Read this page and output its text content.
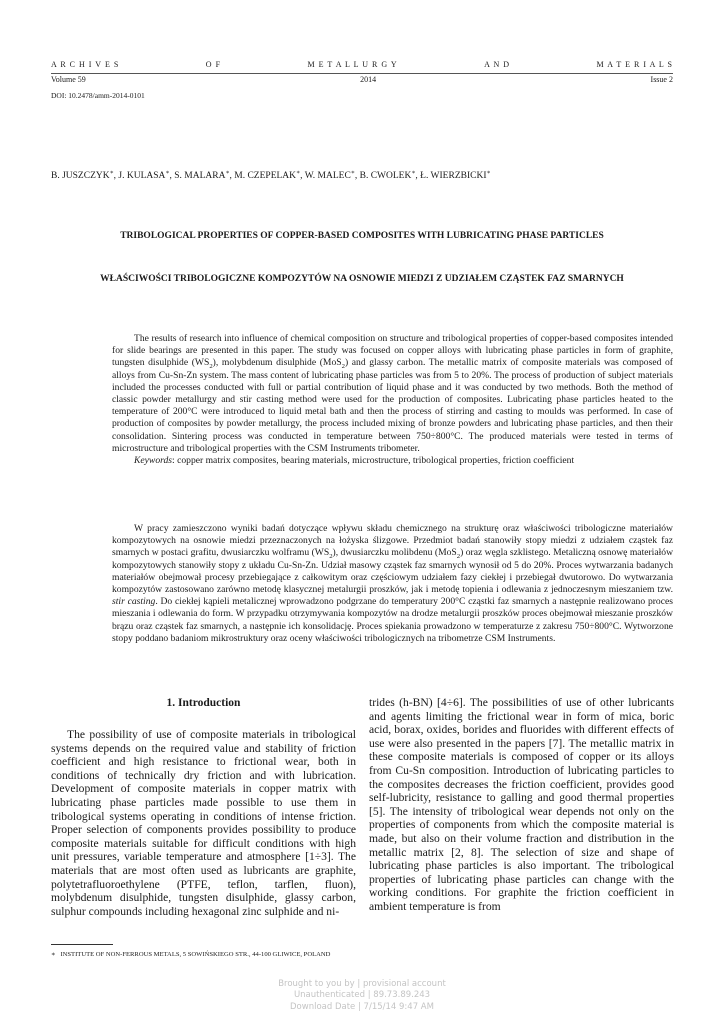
A R C H I V E S	O F	M E T A L L U R G Y	A N D	M A T E R I A L S
Volume 59	2014	Issue 2
DOI: 10.2478/amm-2014-0101
B. JUSZCZYK∗, J. KULASA∗, S. MALARA∗, M. CZEPELAK∗, W. MALEC∗, B. CWOLEK∗, Ł. WIERZBICKI∗
TRIBOLOGICAL PROPERTIES OF COPPER-BASED COMPOSITES WITH LUBRICATING PHASE PARTICLES
WŁAŚCIWOŚCI TRIBOLOGICZNE KOMPOZYTÓW NA OSNOWIE MIEDZI Z UDZIAŁEM CZĄSTEK FAZ SMARNYCH

The results of research into influence of chemical composition on structure and tribological properties of copper-based composites intended for slide bearings are presented in this paper. The study was focused on copper alloys with lubricating phase particles in form of graphite, tungsten disulphide $(WS_2)$, molybdenum disulphide (MoS$_2$) and glassy carbon. The metallic matrix of composite materials was composed of alloys from Cu-Sn-Zn system. The mass content of lubricating phase particles was from 5 to 20%. The process of production of subject materials included the processes conducted with full or partial contribution of liquid phase and it was conducted by two methods. Both the method of classic powder metallurgy and stir casting method were used for the production of composites. Lubricating phase particles heated to the temperature of 200°C were introduced to liquid metal bath and then the process of stirring and casting to moulds was performed. In case of production of composites by powder metallurgy, the process included mixing of bronze powders and lubricating phase particles, and then their consolidation. Sintering process was conducted in temperature between 750÷800°C. The produced materials were tested in terms of microstructure and tribological properties with the CSM Instruments tribometer.

Keywords: copper matrix composites, bearing materials, microstructure, tribological properties, friction coefficient

W pracy zamieszczono wyniki badań dotyczące wpływu składu chemicznego na strukturę oraz właściwości tribologiczne materiałów kompozytowych na osnowie miedzi przeznaczonych na łożyska ślizgowe. Przedmiot badań stanowiły stopy miedzi z udziałem cząstek faz smarnych w postaci grafitu, dwusiarczku wolframu $(WS_2)$, dwusiarczku molibdenu (MoS$_2$) oraz węgla szklistego. Metaliczną osnowę materiałów kompozytowych stanowiły stopy z układu Cu-Sn-Zn. Udział masowy cząstek faz smarnych wynosił od 5 do 20%. Proces wytwarzania badanych materiałów obejmował procesy przebiegające z całkowitym oraz częściowym udziałem fazy ciekłej i przebiegał dwutorowo. Do wytwarzania kompozytów zastosowano zarówno metodę klasycznej metalurgii proszków, jak i metodę topienia i odlewania z jednoczesnym mieszaniem tzw. stir casting. Do ciekłej kąpieli metalicznej wprowadzono podgrzane do temperatury 200°C cząstki faz smarnych a następnie realizowano proces mieszania i odlewania do form. W przypadku otrzymywania kompozytów na drodze metalurgii proszków proces obejmował mieszanie proszków brązu oraz cząstek faz smarnych, a następnie ich konsolidację. Proces spiekania prowadzono w temperaturze z zakresu 750÷800°C. Wytworzone stopy poddano badaniom mikrostruktury oraz oceny właściwości tribologicznych na tribometrze CSM Instruments.

1. Introduction

The possibility of use of composite materials in tribological systems depends on the required value and stability of friction coefficient and high resistance to frictional wear, both in conditions of technically dry friction and with lubrication. Development of composite materials in copper matrix with lubricating phase particles made possible to use them in tribological systems operating in conditions of intense friction. Proper selection of components provides possibility to produce composite materials suitable for difficult conditions with high unit pressures, variable temperature and atmosphere [1÷3]. The materials that are most often used as lubricants are graphite, polytetrafluoroethylene (PTFE, teflon, tarflen, fluon), molybdenum disulphide, tungsten disulphide, glassy carbon, sulphur compounds including hexagonal zinc sulphide and ni-

trides (h-BN) [4÷6]. The possibilities of use of other lubricants and agents limiting the frictional wear in form of mica, boric acid, borax, oxides, borides and fluorides with different effects of use were also presented in the papers [7]. The metallic matrix in these composite materials is composed of copper or its alloys from Cu-Sn composition. Introduction of lubricating particles to the composites decreases the friction coefficient, provides good self-lubricity, resistance to galling and good thermal properties [5]. The intensity of tribological wear depends not only on the properties of components from which the composite material is made, but also on their volume fraction and distribution in the metallic matrix [2, 8]. The selection of size and shape of lubricating phase particles is also important. The tribological properties of lubricating phase particles can change with the working conditions. For graphite the friction coefficient in ambient temperature is from

∗ INSTITUTE OF NON-FERROUS METALS, 5 SOWIŃSKIEGO STR., 44-100 GLIWICE, POLAND
Brought to you by | provisional account
Unauthenticated | 89.73.89.243
Download Date | 7/15/14 9:47 AM
